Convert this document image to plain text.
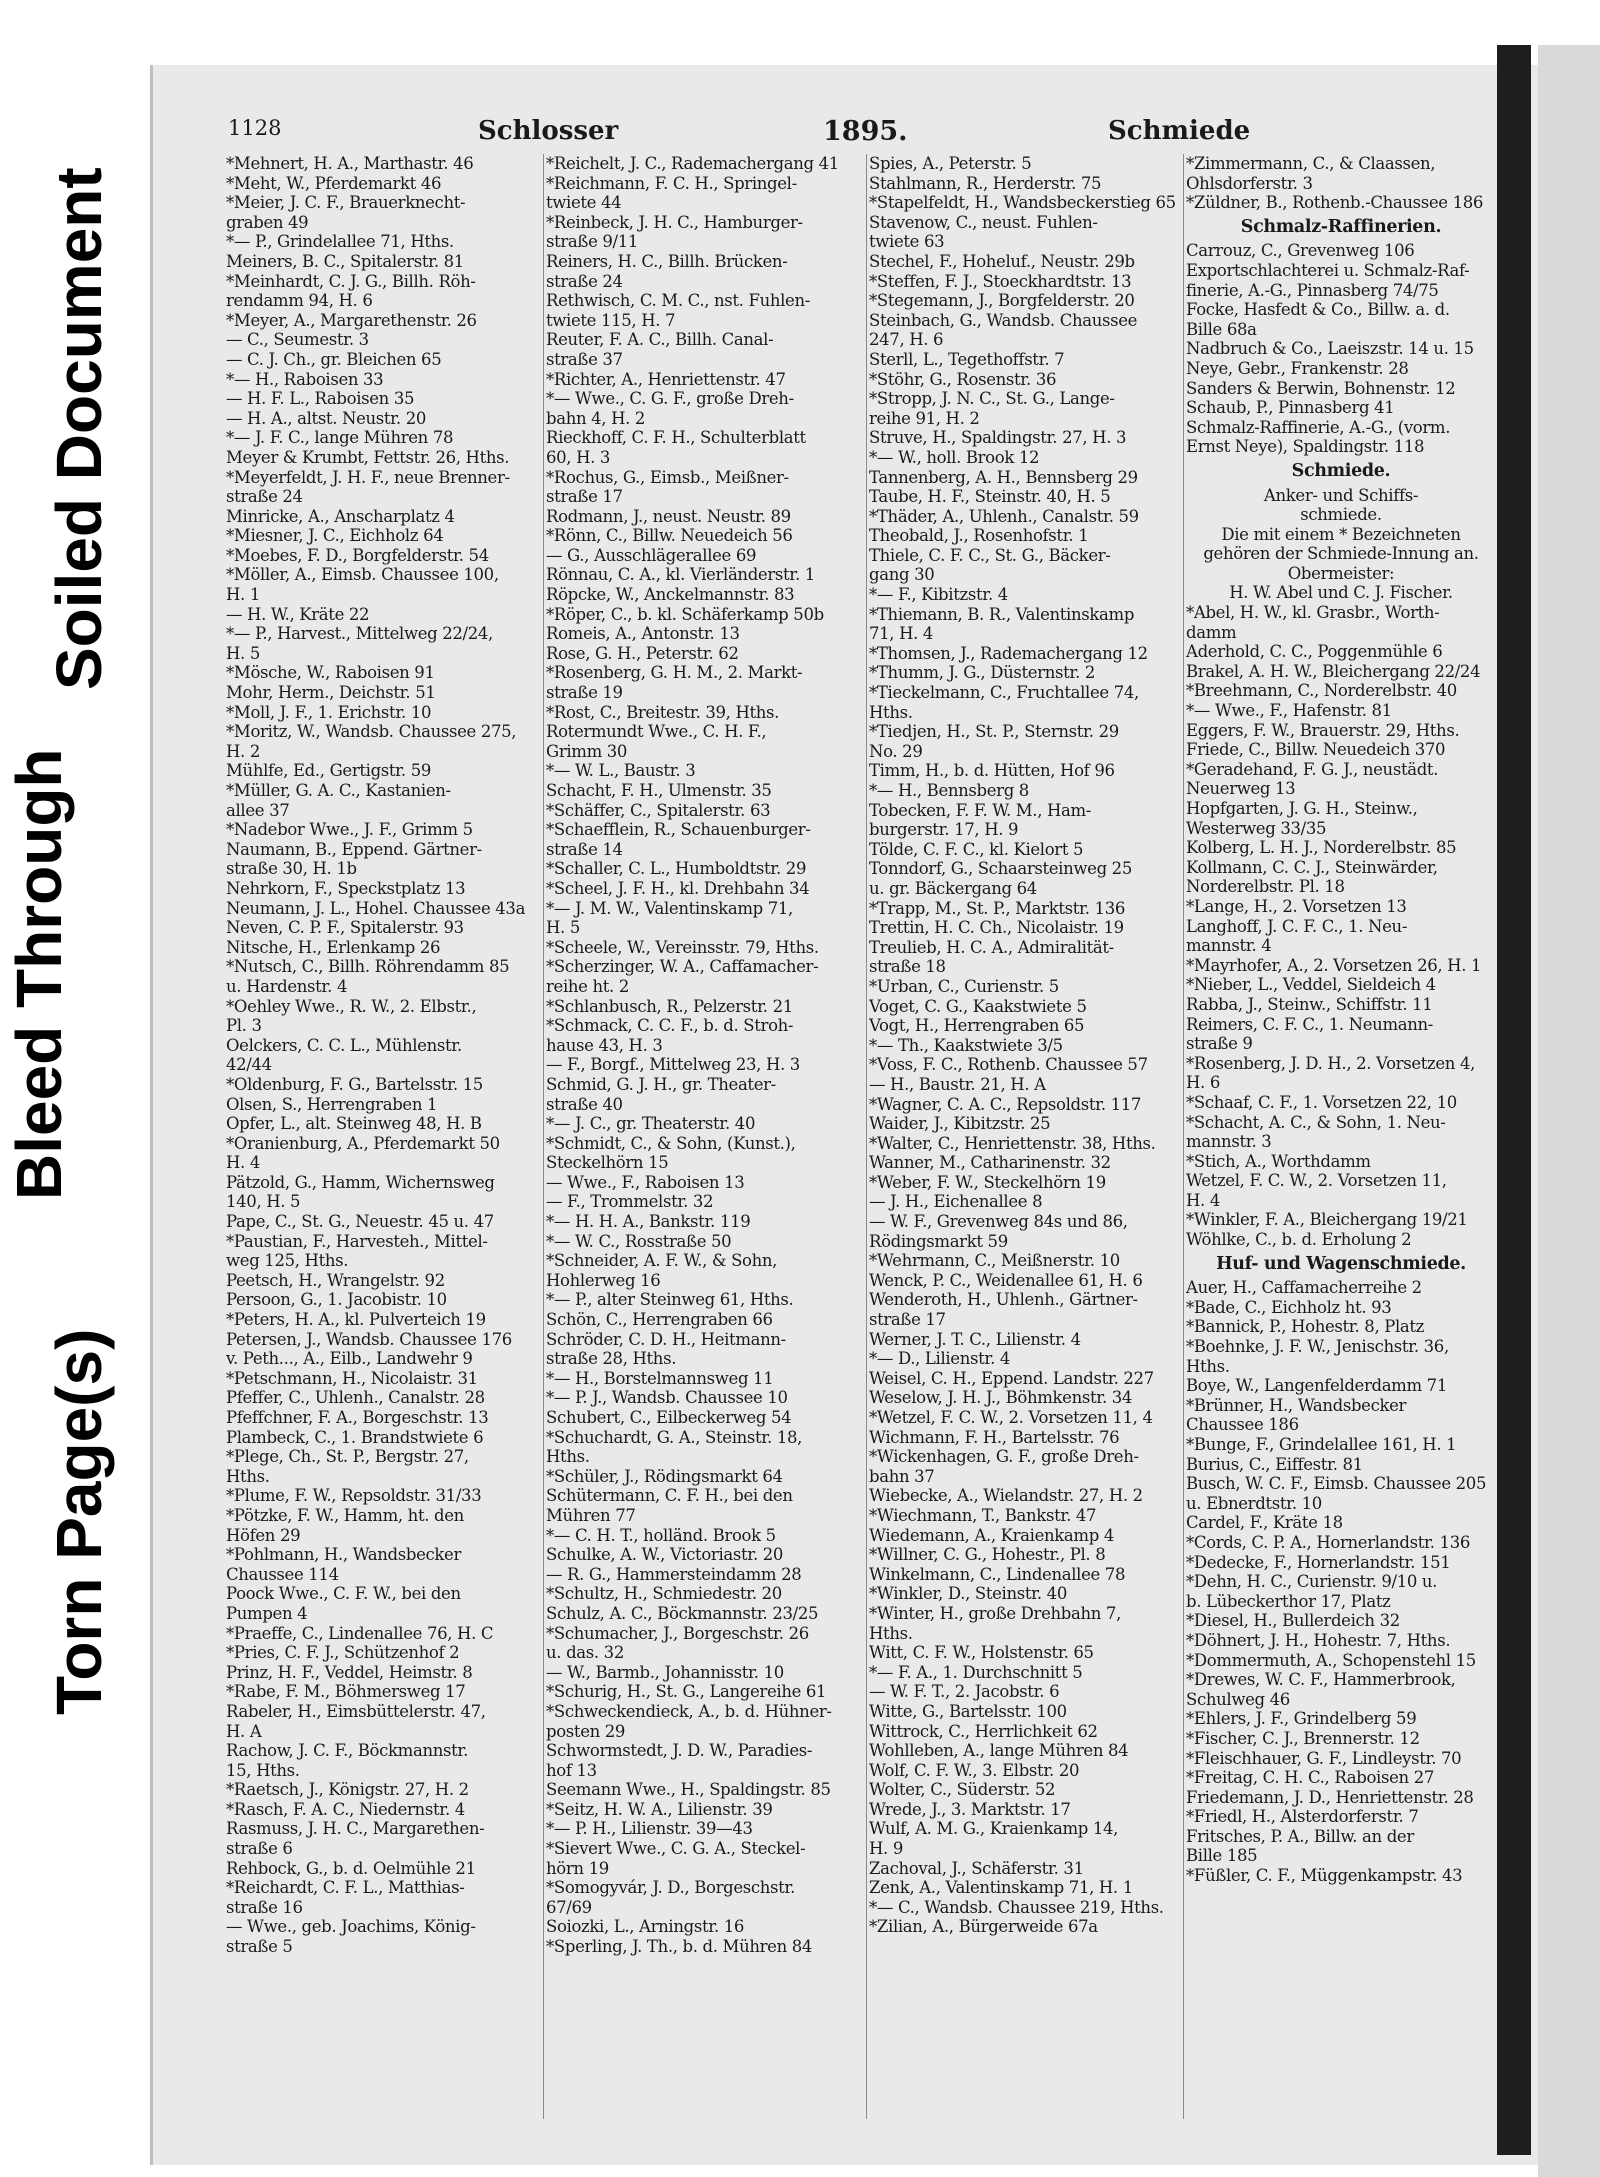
Soiled Document
Bleed Through
Torn Page(s)
1128	Schlosser	1895.	Schmiede
*Mehnert, H. A., Marthastr. 46
*Meht, W., Pferdemarkt 46
*Meier, J. C. F., Brauerknecht-
graben 49
*— P., Grindelallee 71, Hths.
Meiners, B. C., Spitalerstr. 81
*Meinhardt, C. J. G., Billh. Röh-
rendamm 94, H. 6
*Meyer, A., Margarethenstr. 26
— C., Seumestr. 3
— C. J. Ch., gr. Bleichen 65
*— H., Raboisen 33
— H. F. L., Raboisen 35
— H. A., altst. Neustr. 20
*— J. F. C., lange Mühren 78
Meyer & Krumbt, Fettstr. 26, Hths.
*Meyerfeldt, J. H. F., neue Brenner-
straße 24
Minricke, A., Anscharplatz 4
*Miesner, J. C., Eichholz 64
*Moebes, F. D., Borgfelderstr. 54
*Möller, A., Eimsb. Chaussee 100,
H. 1
— H. W., Kräte 22
*— P., Harvest., Mittelweg 22/24,
H. 5
*Mösche, W., Raboisen 91
Mohr, Herm., Deichstr. 51
*Moll, J. F., 1. Erichstr. 10
*Moritz, W., Wandsb. Chaussee 275,
H. 2
Mühlfe, Ed., Gertigstr. 59
*Müller, G. A. C., Kastanien-
allee 37
*Nadebor Wwe., J. F., Grimm 5
Naumann, B., Eppend. Gärtner-
straße 30, H. 1b
Nehrkorn, F., Speckstplatz 13
Neumann, J. L., Hohel. Chaussee 43a
Neven, C. P. F., Spitalerstr. 93
Nitsche, H., Erlenkamp 26
*Nutsch, C., Billh. Röhrendamm 85
u. Hardenstr. 4
*Oehley Wwe., R. W., 2. Elbstr.,
Pl. 3
Oelckers, C. C. L., Mühlenstr.
42/44
*Oldenburg, F. G., Bartelsstr. 15
Olsen, S., Herrengraben 1
Opfer, L., alt. Steinweg 48, H. B
*Oranienburg, A., Pferdemarkt 50
H. 4
Pätzold, G., Hamm, Wichernsweg
140, H. 5
Pape, C., St. G., Neuestr. 45 u. 47
*Paustian, F., Harvesteh., Mittel-
weg 125, Hths.
Peetsch, H., Wrangelstr. 92
Persoon, G., 1. Jacobistr. 10
*Peters, H. A., kl. Pulverteich 19
Petersen, J., Wandsb. Chaussee 176
v. Peth..., A., Eilb., Landwehr 9
*Petschmann, H., Nicolaistr. 31
Pfeffer, C., Uhlenh., Canalstr. 28
Pfeffchner, F. A., Borgeschstr. 13
Plambeck, C., 1. Brandstwiete 6
*Plege, Ch., St. P., Bergstr. 27,
Hths.
*Plume, F. W., Repsoldstr. 31/33
*Pötzke, F. W., Hamm, ht. den
Höfen 29
*Pohlmann, H., Wandsbecker
Chaussee 114
Poock Wwe., C. F. W., bei den
Pumpen 4
*Praeffe, C., Lindenallee 76, H. C
*Pries, C. F. J., Schützenhof 2
Prinz, H. F., Veddel, Heimstr. 8
*Rabe, F. M., Böhmersweg 17
Rabeler, H., Eimsbüttelerstr. 47,
H. A
Rachow, J. C. F., Böckmannstr.
15, Hths.
*Raetsch, J., Königstr. 27, H. 2
*Rasch, F. A. C., Niedernstr. 4
Rasmuss, J. H. C., Margarethen-
straße 6
Rehbock, G., b. d. Oelmühle 21
*Reichardt, C. F. L., Matthias-
straße 16
— Wwe., geb. Joachims, König-
straße 5
*Reichelt, J. C., Rademachergang 41
*Reichmann, F. C. H., Springel-
twiete 44
*Reinbeck, J. H. C., Hamburger-
straße 9/11
Reiners, H. C., Billh. Brücken-
straße 24
Rethwisch, C. M. C., nst. Fuhlen-
twiete 115, H. 7
Reuter, F. A. C., Billh. Canal-
straße 37
*Richter, A., Henriettenstr. 47
*— Wwe., C. G. F., große Dreh-
bahn 4, H. 2
Rieckhoff, C. F. H., Schulterblatt
60, H. 3
*Rochus, G., Eimsb., Meißner-
straße 17
Rodmann, J., neust. Neustr. 89
*Rönn, C., Billw. Neuedeich 56
— G., Ausschlägerallee 69
Rönnau, C. A., kl. Vierländerstr. 1
Röpcke, W., Anckelmannstr. 83
*Röper, C., b. kl. Schäferkamp 50b
Romeis, A., Antonstr. 13
Rose, G. H., Peterstr. 62
*Rosenberg, G. H. M., 2. Markt-
straße 19
*Rost, C., Breitestr. 39, Hths.
Rotermundt Wwe., C. H. F.,
Grimm 30
*— W. L., Baustr. 3
Schacht, F. H., Ulmenstr. 35
*Schäffer, C., Spitalerstr. 63
*Schaefflein, R., Schauenburger-
straße 14
*Schaller, C. L., Humboldtstr. 29
*Scheel, J. F. H., kl. Drehbahn 34
*— J. M. W., Valentinskamp 71,
H. 5
*Scheele, W., Vereinsstr. 79, Hths.
*Scherzinger, W. A., Caffamacher-
reihe ht. 2
*Schlanbusch, R., Pelzerstr. 21
*Schmack, C. C. F., b. d. Stroh-
hause 43, H. 3
— F., Borgf., Mittelweg 23, H. 3
Schmid, G. J. H., gr. Theater-
straße 40
*— J. C., gr. Theaterstr. 40
*Schmidt, C., & Sohn, (Kunst.),
Steckelhörn 15
— Wwe., F., Raboisen 13
— F., Trommelstr. 32
*— H. H. A., Bankstr. 119
*— W. C., Rosstraße 50
*Schneider, A. F. W., & Sohn,
Hohlerweg 16
*— P., alter Steinweg 61, Hths.
Schön, C., Herrengraben 66
Schröder, C. D. H., Heitmann-
straße 28, Hths.
*— H., Borstelmannsweg 11
*— P. J., Wandsb. Chaussee 10
Schubert, C., Eilbeckerweg 54
*Schuchardt, G. A., Steinstr. 18,
Hths.
*Schüler, J., Rödingsmarkt 64
Schütermann, C. F. H., bei den
Mühren 77
*— C. H. T., holländ. Brook 5
Schulke, A. W., Victoriastr. 20
— R. G., Hammersteindamm 28
*Schultz, H., Schmiedestr. 20
Schulz, A. C., Böckmannstr. 23/25
*Schumacher, J., Borgeschstr. 26
u. das. 32
— W., Barmb., Johannisstr. 10
*Schurig, H., St. G., Langereihe 61
*Schweckendieck, A., b. d. Hühner-
posten 29
Schwormstedt, J. D. W., Paradies-
hof 13
Seemann Wwe., H., Spaldingstr. 85
*Seitz, H. W. A., Lilienstr. 39
*— P. H., Lilienstr. 39—43
*Sievert Wwe., C. G. A., Steckel-
hörn 19
*Somogyvár, J. D., Borgeschstr.
67/69
Soiozki, L., Arningstr. 16
*Sperling, J. Th., b. d. Mühren 84
Spies, A., Peterstr. 5
Stahlmann, R., Herderstr. 75
*Stapelfeldt, H., Wandsbeckerstieg 65
Stavenow, C., neust. Fuhlen-
twiete 63
Stechel, F., Hoheluf., Neustr. 29b
*Steffen, F. J., Stoeckhardtstr. 13
*Stegemann, J., Borgfelderstr. 20
Steinbach, G., Wandsb. Chaussee
247, H. 6
Sterll, L., Tegethoffstr. 7
*Stöhr, G., Rosenstr. 36
*Stropp, J. N. C., St. G., Lange-
reihe 91, H. 2
Struve, H., Spaldingstr. 27, H. 3
*— W., holl. Brook 12
Tannenberg, A. H., Bennsberg 29
Taube, H. F., Steinstr. 40, H. 5
*Thäder, A., Uhlenh., Canalstr. 59
Theobald, J., Rosenhofstr. 1
Thiele, C. F. C., St. G., Bäcker-
gang 30
*— F., Kibitzstr. 4
*Thiemann, B. R., Valentinskamp
71, H. 4
*Thomsen, J., Rademachergang 12
*Thumm, J. G., Düsternstr. 2
*Tieckelmann, C., Fruchtallee 74,
Hths.
*Tiedjen, H., St. P., Sternstr. 29
No. 29
Timm, H., b. d. Hütten, Hof 96
*— H., Bennsberg 8
Tobecken, F. F. W. M., Ham-
burgerstr. 17, H. 9
Tölde, C. F. C., kl. Kielort 5
Tonndorf, G., Schaarsteinweg 25
u. gr. Bäckergang 64
*Trapp, M., St. P., Marktstr. 136
Trettin, H. C. Ch., Nicolaistr. 19
Treulieb, H. C. A., Admiralität-
straße 18
*Urban, C., Curienstr. 5
Voget, C. G., Kaakstwiete 5
Vogt, H., Herrengraben 65
*— Th., Kaakstwiete 3/5
*Voss, F. C., Rothenb. Chaussee 57
— H., Baustr. 21, H. A
*Wagner, C. A. C., Repsoldstr. 117
Waider, J., Kibitzstr. 25
*Walter, C., Henriettenstr. 38, Hths.
Wanner, M., Catharinenstr. 32
*Weber, F. W., Steckelhörn 19
— J. H., Eichenallee 8
— W. F., Grevenweg 84s und 86,
Rödingsmarkt 59
*Wehrmann, C., Meißnerstr. 10
Wenck, P. C., Weidenallee 61, H. 6
Wenderoth, H., Uhlenh., Gärtner-
straße 17
Werner, J. T. C., Lilienstr. 4
*— D., Lilienstr. 4
Weisel, C. H., Eppend. Landstr. 227
Weselow, J. H. J., Böhmkenstr. 34
*Wetzel, F. C. W., 2. Vorsetzen 11, 4
Wichmann, F. H., Bartelsstr. 76
*Wickenhagen, G. F., große Dreh-
bahn 37
Wiebecke, A., Wielandstr. 27, H. 2
*Wiechmann, T., Bankstr. 47
Wiedemann, A., Kraienkamp 4
*Willner, C. G., Hohestr., Pl. 8
Winkelmann, C., Lindenallee 78
*Winkler, D., Steinstr. 40
*Winter, H., große Drehbahn 7,
Hths.
Witt, C. F. W., Holstenstr. 65
*— F. A., 1. Durchschnitt 5
— W. F. T., 2. Jacobstr. 6
Witte, G., Bartelsstr. 100
Wittrock, C., Herrlichkeit 62
Wohlleben, A., lange Mühren 84
Wolf, C. F. W., 3. Elbstr. 20
Wolter, C., Süderstr. 52
Wrede, J., 3. Marktstr. 17
Wulf, A. M. G., Kraienkamp 14,
H. 9
Zachoval, J., Schäferstr. 31
Zenk, A., Valentinskamp 71, H. 1
*— C., Wandsb. Chaussee 219, Hths.
*Zilian, A., Bürgerweide 67a
*Zimmermann, C., & Claassen,
Ohlsdorferstr. 3
*Züldner, B., Rothenb.-Chaussee 186
Schmalz-Raffinerien.
Carrouz, C., Grevenweg 106
Exportschlachterei u. Schmalz-Raf-
finerie, A.-G., Pinnasberg 74/75
Focke, Hasfedt & Co., Billw. a. d.
Bille 68a
Nadbruch & Co., Laeiszstr. 14 u. 15
Neye, Gebr., Frankenstr. 28
Sanders & Berwin, Bohnenstr. 12
Schaub, P., Pinnasberg 41
Schmalz-Raffinerie, A.-G., (vorm.
Ernst Neye), Spaldingstr. 118
Schmiede.
Anker- und Schiffs-
schmiede.
Die mit einem * Bezeichneten
gehören der Schmiede-Innung an.
Obermeister:
H. W. Abel und C. J. Fischer.
*Abel, H. W., kl. Grasbr., Worth-
damm
Aderhold, C. C., Poggenmühle 6
Brakel, A. H. W., Bleichergang 22/24
*Breehmann, C., Norderelbstr. 40
*— Wwe., F., Hafenstr. 81
Eggers, F. W., Brauerstr. 29, Hths.
Friede, C., Billw. Neuedeich 370
*Geradehand, F. G. J., neustädt.
Neuerweg 13
Hopfgarten, J. G. H., Steinw.,
Westerweg 33/35
Kolberg, L. H. J., Norderelbstr. 85
Kollmann, C. C. J., Steinwärder,
Norderelbstr. Pl. 18
*Lange, H., 2. Vorsetzen 13
Langhoff, J. C. F. C., 1. Neu-
mannstr. 4
*Mayrhofer, A., 2. Vorsetzen 26, H. 1
*Nieber, L., Veddel, Sieldeich 4
Rabba, J., Steinw., Schiffstr. 11
Reimers, C. F. C., 1. Neumann-
straße 9
*Rosenberg, J. D. H., 2. Vorsetzen 4,
H. 6
*Schaaf, C. F., 1. Vorsetzen 22, 10
*Schacht, A. C., & Sohn, 1. Neu-
mannstr. 3
*Stich, A., Worthdamm
Wetzel, F. C. W., 2. Vorsetzen 11,
H. 4
*Winkler, F. A., Bleichergang 19/21
Wöhlke, C., b. d. Erholung 2
Huf- und Wagenschmiede.
Auer, H., Caffamacherreihe 2
*Bade, C., Eichholz ht. 93
*Bannick, P., Hohestr. 8, Platz
*Boehnke, J. F. W., Jenischstr. 36,
Hths.
Boye, W., Langenfelderdamm 71
*Brünner, H., Wandsbecker
Chaussee 186
*Bunge, F., Grindelallee 161, H. 1
Burius, C., Eiffestr. 81
Busch, W. C. F., Eimsb. Chaussee 205
u. Ebnerdtstr. 10
Cardel, F., Kräte 18
*Cords, C. P. A., Hornerlandstr. 136
*Dedecke, F., Hornerlandstr. 151
*Dehn, H. C., Curienstr. 9/10 u.
b. Lübeckerthor 17, Platz
*Diesel, H., Bullerdeich 32
*Döhnert, J. H., Hohestr. 7, Hths.
*Dommermuth, A., Schopenstehl 15
*Drewes, W. C. F., Hammerbrook,
Schulweg 46
*Ehlers, J. F., Grindelberg 59
*Fischer, C. J., Brennerstr. 12
*Fleischhauer, G. F., Lindleystr. 70
*Freitag, C. H. C., Raboisen 27
Friedemann, J. D., Henriettenstr. 28
*Friedl, H., Alsterdorferstr. 7
Fritsches, P. A., Billw. an der
Bille 185
*Füßler, C. F., Müggenkampstr. 43
